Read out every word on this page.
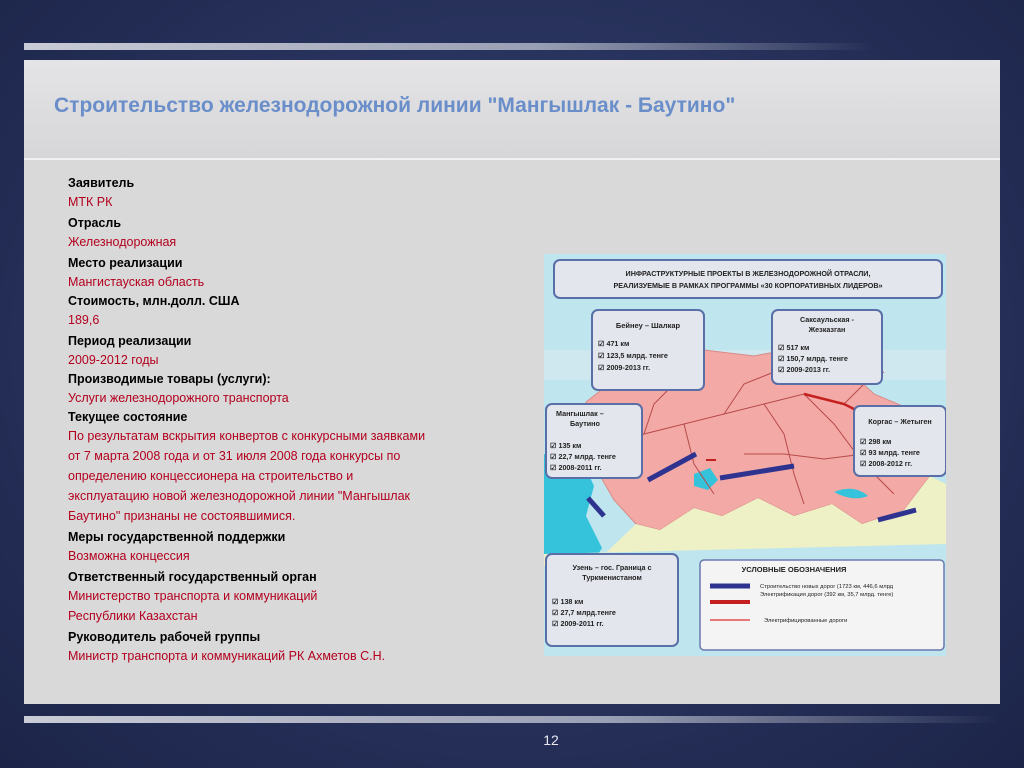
Строительство железнодорожной линии "Мангышлак - Баутино"
Заявитель
МТК РК
Отрасль
Железнодорожная
Место реализации
Мангистауская область
Стоимость, млн.долл. США
189,6
Период реализации
2009-2012 годы
Производимые товары (услуги):
Услуги железнодорожного транспорта
Текущее состояние
По результатам вскрытия конвертов с конкурсными заявками
от 7 марта 2008 года и от 31 июля 2008 года конкурсы по
определению концессионера на строительство и
эксплуатацию новой железнодорожной линии "Мангышлак
Баутино" признаны не состоявшимися.
Меры государственной поддержки
Возможна концессия
Ответственный государственный орган
Министерство транспорта и коммуникаций
Республики Казахстан
Руководитель рабочей группы
Министр транспорта и коммуникаций РК Ахметов С.Н.
ИНФРАСТРУКТУРНЫЕ ПРОЕКТЫ В ЖЕЛЕЗНОДОРОЖНОЙ ОТРАСЛИ,
РЕАЛИЗУЕМЫЕ В РАМКАХ ПРОГРАММЫ «30 КОРПОРАТИВНЫХ ЛИДЕРОВ»
Бейнеу – Шалкар
☑ 471 км
☑ 123,5 млрд. тенге
☑ 2009-2013 гг.
Саксаульская -
Жезказган
☑ 517 км
☑ 150,7 млрд. тенге
☑ 2009-2013 гг.
Мангышлак –
Баутино
☑ 135 км
☑ 22,7 млрд. тенге
☑ 2008-2011 гг.
Коргас – Жетыген
☑ 298 км
☑ 93 млрд. тенге
☑ 2008-2012 гг.
Узень – гос. Граница с
Туркменистаном
☑ 138 км
☑ 27,7 млрд.тенге
☑ 2009-2011 гг.
УСЛОВНЫЕ ОБОЗНАЧЕНИЯ
Строительство новых дорог (1723 км, 446,6 млрд
Электрификация дорог (392 км, 35,7 млрд. тенге)
Электрифицированные дороги
12
